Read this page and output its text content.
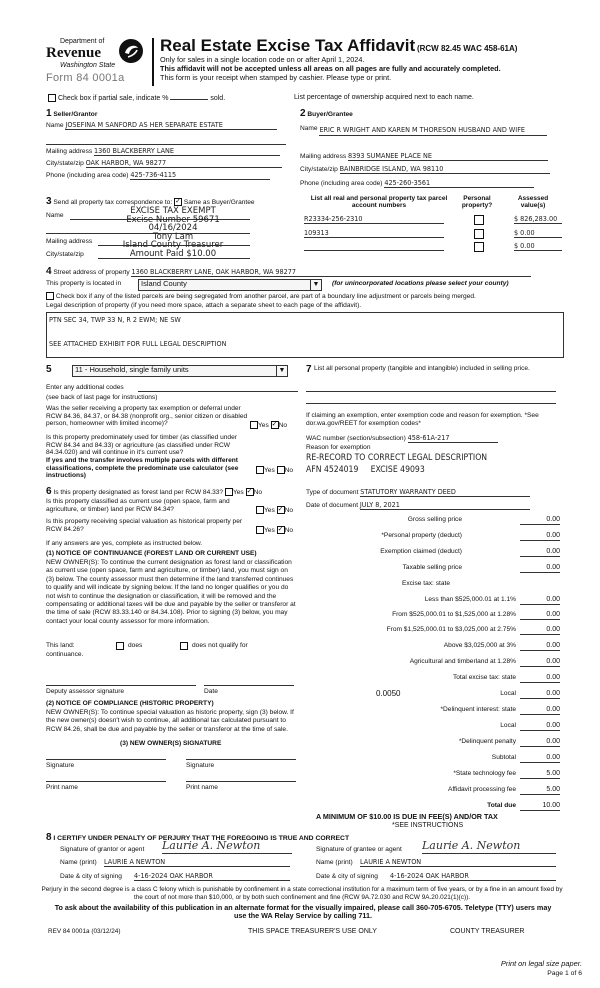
Department of
Revenue
Washington State
Form 84 0001a
Real Estate Excise Tax Affidavit (RCW 82.45 WAC 458-61A)
Only for sales in a single location code on or after April 1, 2024.
This affidavit will not be accepted unless all areas on all pages are fully and accurately completed.
This form is your receipt when stamped by cashier. Please type or print.
Check box if partial sale, indicate %	sold.	List percentage of ownership acquired next to each name.
1 Seller/Grantor
Name JOSEFINA M SANFORD AS HER SEPARATE ESTATE
Mailing address 1360 BLACKBERRY LANE
City/state/zip OAK HARBOR, WA 98277
Phone (including area code) 425-736-4115
2 Buyer/Grantee
Name ERIC R WRIGHT AND KAREN M THORESON HUSBAND AND WIFE
Mailing address 8393 SUMANEE PLACE NE
City/state/zip BAINBRIDGE ISLAND, WA 98110
Phone (including area code) 425-260-3561
3 Send all property tax correspondence to: ✓ Same as Buyer/Grantee
Name
Mailing address
City/state/zip
EXCISE TAX EXEMPT
Excise Number 59671
04/16/2024
Tony Lam
Island County Treasurer
Amount Paid $10.00
List all real and personal property tax parcel account numbers
Personal property?
Assessed value(s)
R23334-256-2310	$ 826,283.00
109313	$ 0.00
$ 0.00
4 Street address of property 1360 BLACKBERRY LANE, OAK HARBOR, WA 98277
This property is located in	Island County	▼ (for unincorporated locations please select your county)
Check box if any of the listed parcels are being segregated from another parcel, are part of a boundary line adjustment or parcels being merged.
Legal description of property (if you need more space, attach a separate sheet to each page of the affidavit).
PTN SEC 34, TWP 33 N, R 2 EWM; NE SW
SEE ATTACHED EXHIBIT FOR FULL LEGAL DESCRIPTION
5	11 - Household, single family units	▼
Enter any additional codes
(see back of last page for instructions)
Was the seller receiving a property tax exemption or deferral under RCW 84.36, 84.37, or 84.38 (nonprofit org., senior citizen or disabled person, homeowner with limited income)?	Yes ✓No
Is this property predominately used for timber (as classified under RCW 84.34 and 84.33) or agriculture (as classified under RCW 84.34.020) and will continue in it's current use?
If yes and the transfer involves multiple parcels with different classifications, complete the predominate use calculator (see instructions)
Yes No
6 Is this property designated as forest land per RCW 84.33? Yes ✓No
Is this property classified as current use (open space, farm and agriculture, or timber) land per RCW 84.34?	Yes ✓No
Is this property receiving special valuation as historical property per RCW 84.26?	Yes ✓No
If any answers are yes, complete as instructed below.
(1) NOTICE OF CONTINUANCE (FOREST LAND OR CURRENT USE)
NEW OWNER(S): To continue the current designation as forest land or classification as current use (open space, farm and agriculture, or timber) land, you must sign on (3) below. The county assessor must then determine if the land transferred continues to qualify and will indicate by signing below. If the land no longer qualifies or you do not wish to continue the designation or classification, it will be removed and the compensating or additional taxes will be due and payable by the seller or transferor at the time of sale (RCW 83.33.140 or 84.34.108). Prior to signing (3) below, you may contact your local county assessor for more information.
This land:	does	does not qualify for
continuance.
Deputy assessor signature	Date
(2) NOTICE OF COMPLIANCE (HISTORIC PROPERTY)
NEW OWNER(S): To continue special valuation as historic property, sign (3) below. If the new owner(s) doesn't wish to continue, all additional tax calculated pursuant to RCW 84.26, shall be due and payable by the seller or transferor at the time of sale.
(3) NEW OWNER(S) SIGNATURE
Signature	Signature
Print name	Print name
7 List all personal property (tangible and intangible) included in selling price.
If claiming an exemption, enter exemption code and reason for exemption. *See dor.wa.gov/REET for exemption codes*
WAC number (section/subsection) 458-61A-217
Reason for exemption
RE-RECORD TO CORRECT LEGAL DESCRIPTION
AFN 4524019     EXCISE 49093
Type of document STATUTORY WARRANTY DEED
Date of document JULY 8, 2021
Gross selling price	0.00
*Personal property (deduct)	0.00
Exemption claimed (deduct)	0.00
Taxable selling price	0.00
Excise tax: state
Less than $525,000.01 at 1.1%	0.00
From $525,000.01 to $1,525,000 at 1.28%	0.00
From $1,525,000.01 to $3,025,000 at 2.75%	0.00
Above $3,025,000 at 3%	0.00
Agricultural and timberland at 1.28%	0.00
Total excise tax: state	0.00
0.0050	Local	0.00
*Delinquent interest: state	0.00
Local	0.00
*Delinquent penalty	0.00
Subtotal	0.00
*State technology fee	5.00
Affidavit processing fee	5.00
Total due	10.00
A MINIMUM OF $10.00 IS DUE IN FEE(S) AND/OR TAX
*SEE INSTRUCTIONS
8 I CERTIFY UNDER PENALTY OF PERJURY THAT THE FOREGOING IS TRUE AND CORRECT
Signature of grantor or agent Laurie A. Newton
Name (print) LAURIE A NEWTON
Date & city of signing 4-16-2024 OAK HARBOR
Signature of grantee or agent Laurie A. Newton
Name (print) LAURIE A NEWTON
Date & city of signing 4-16-2024 OAK HARBOR
Perjury in the second degree is a class C felony which is punishable by confinement in a state correctional institution for a maximum term of five years, or by a fine in an amount fixed by the court of not more than $10,000, or by both such confinement and fine (RCW 9A.72.030 and RCW 9A.20.021(1)(c)).
To ask about the availability of this publication in an alternate format for the visually impaired, please call 360-705-6705. Teletype (TTY) users may use the WA Relay Service by calling 711.
REV 84 0001a (03/12/24)	THIS SPACE TREASURER'S USE ONLY	COUNTY TREASURER
Print on legal size paper.
Page 1 of 6
